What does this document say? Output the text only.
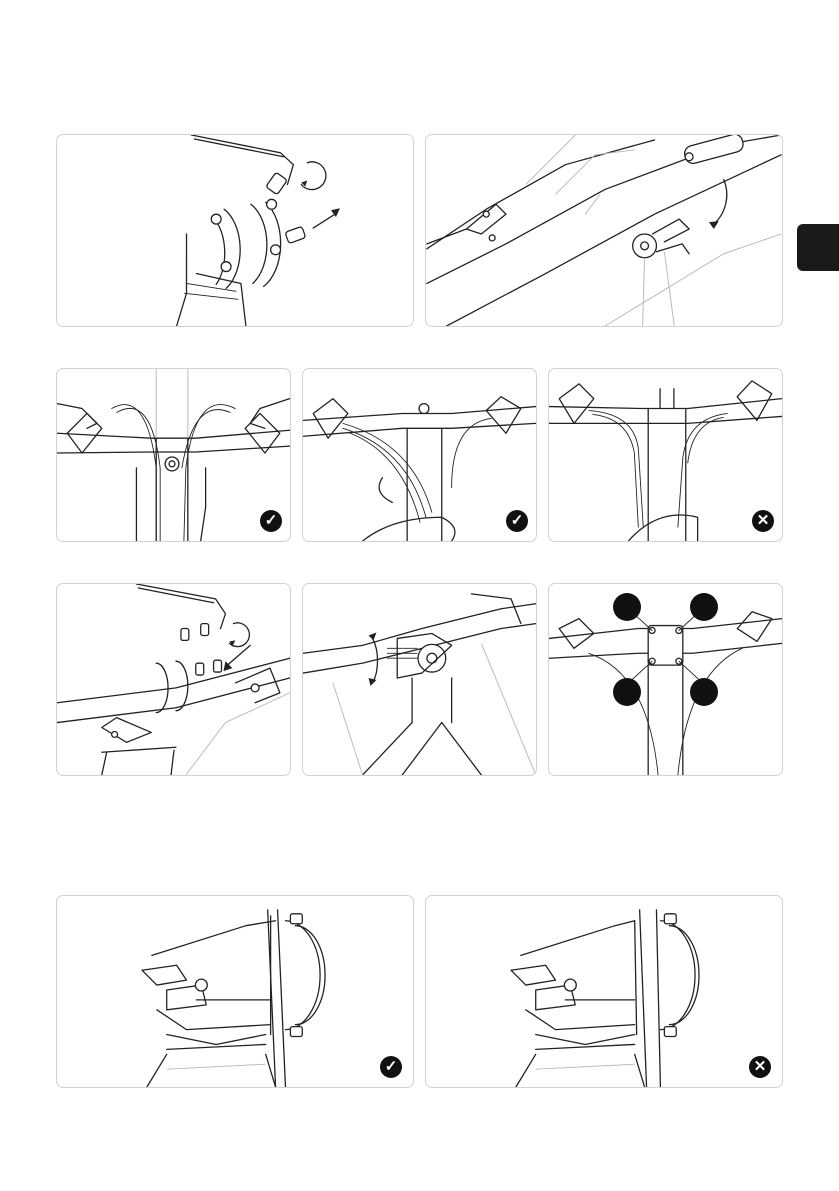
✓	✓	✕
✓	✕
